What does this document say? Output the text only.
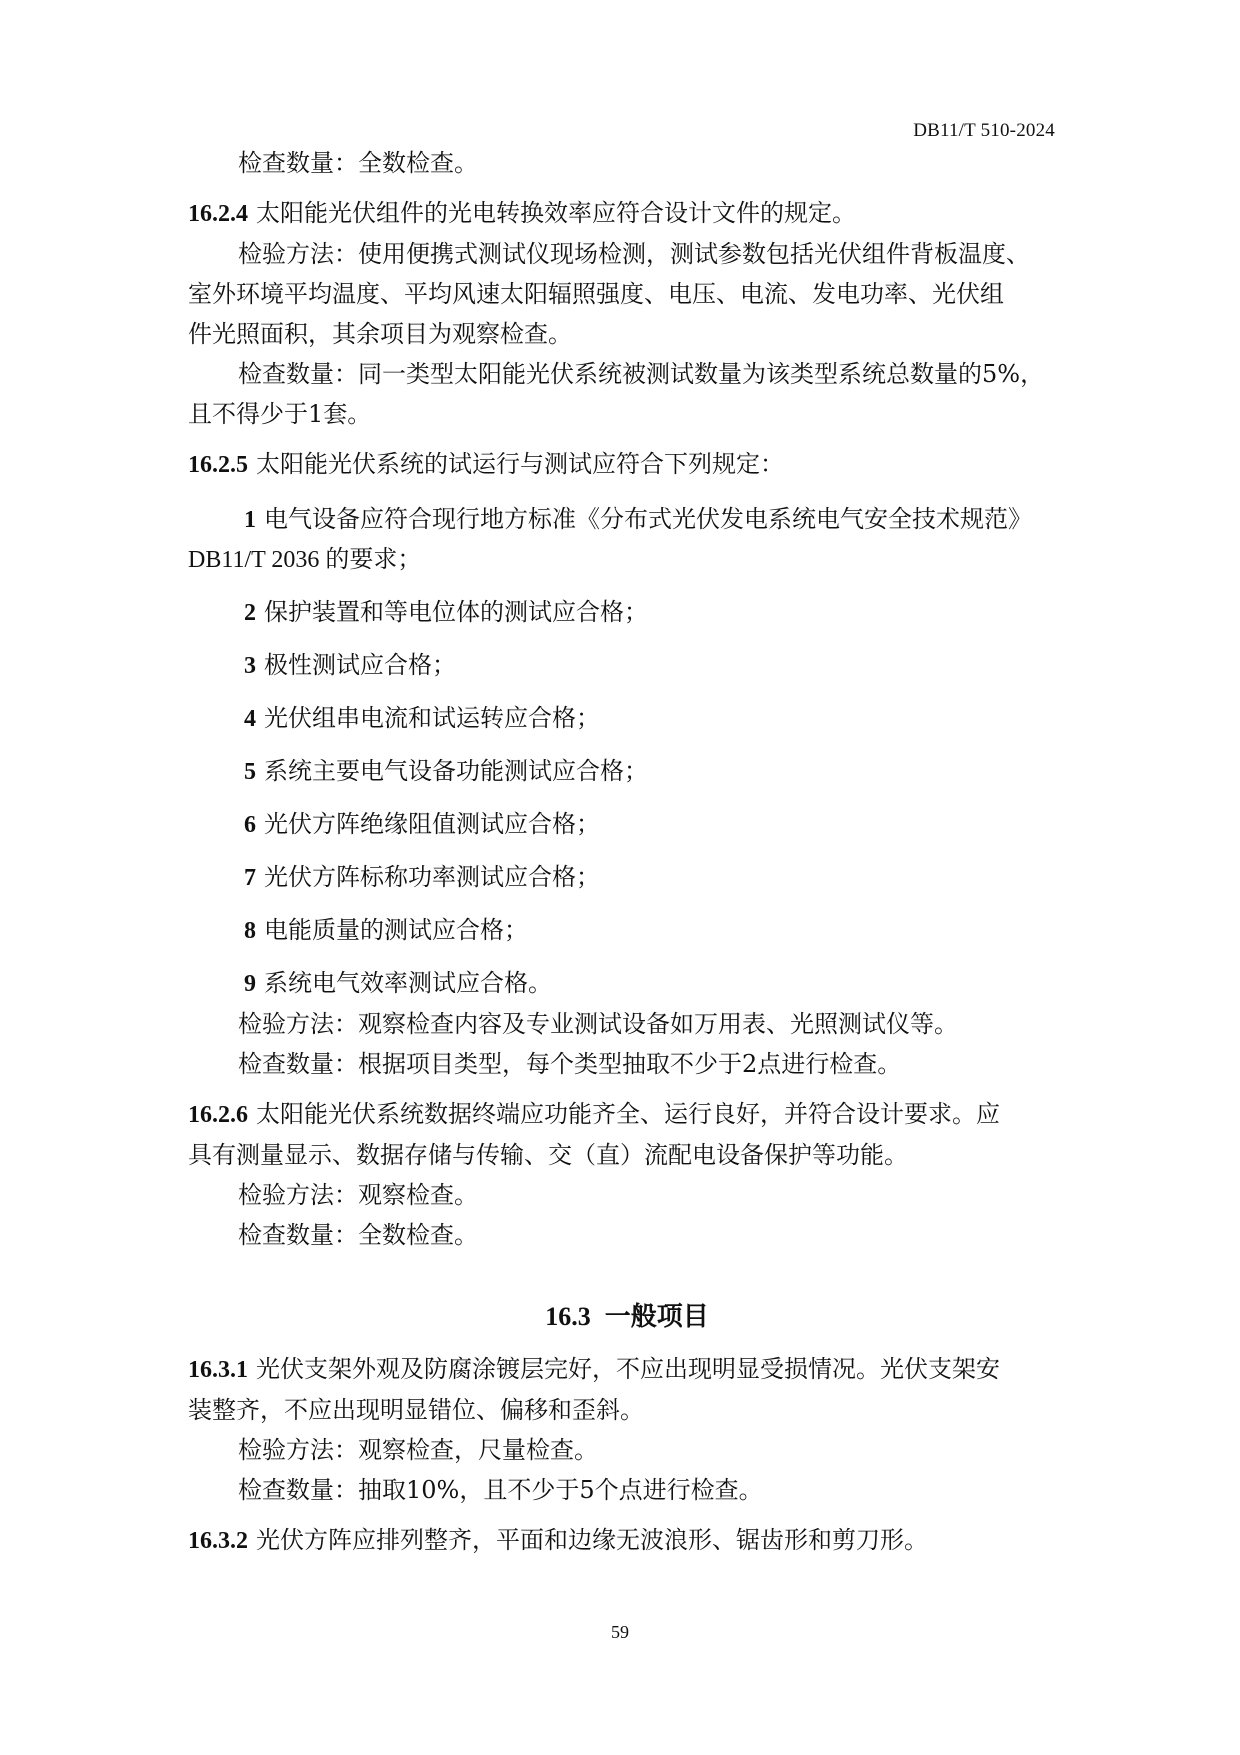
DB11/T 510-2024

检查数量：全数检查。

16.2.4 太阳能光伏组件的光电转换效率应符合设计文件的规定。

检验方法：使用便携式测试仪现场检测，测试参数包括光伏组件背板温度、

室外环境平均温度、平均风速太阳辐照强度、电压、电流、发电功率、光伏组

件光照面积，其余项目为观察检查。

检查数量：同一类型太阳能光伏系统被测试数量为该类型系统总数量的5%，

且不得少于1套。

16.2.5 太阳能光伏系统的试运行与测试应符合下列规定：

1 电气设备应符合现行地方标准《分布式光伏发电系统电气安全技术规范》

DB11/T 2036 的要求；

2 保护装置和等电位体的测试应合格；
3 极性测试应合格；
4 光伏组串电流和试运转应合格；
5 系统主要电气设备功能测试应合格；
6 光伏方阵绝缘阻值测试应合格；
7 光伏方阵标称功率测试应合格；
8 电能质量的测试应合格；
9 系统电气效率测试应合格。

检验方法：观察检查内容及专业测试设备如万用表、光照测试仪等。

检查数量：根据项目类型，每个类型抽取不少于2点进行检查。

16.2.6 太阳能光伏系统数据终端应功能齐全、运行良好，并符合设计要求。应

具有测量显示、数据存储与传输、交（直）流配电设备保护等功能。

检验方法：观察检查。

检查数量：全数检查。

16.3 一般项目

16.3.1 光伏支架外观及防腐涂镀层完好，不应出现明显受损情况。光伏支架安

装整齐，不应出现明显错位、偏移和歪斜。

检验方法：观察检查，尺量检查。

检查数量：抽取10%，且不少于5个点进行检查。

16.3.2 光伏方阵应排列整齐，平面和边缘无波浪形、锯齿形和剪刀形。

59
